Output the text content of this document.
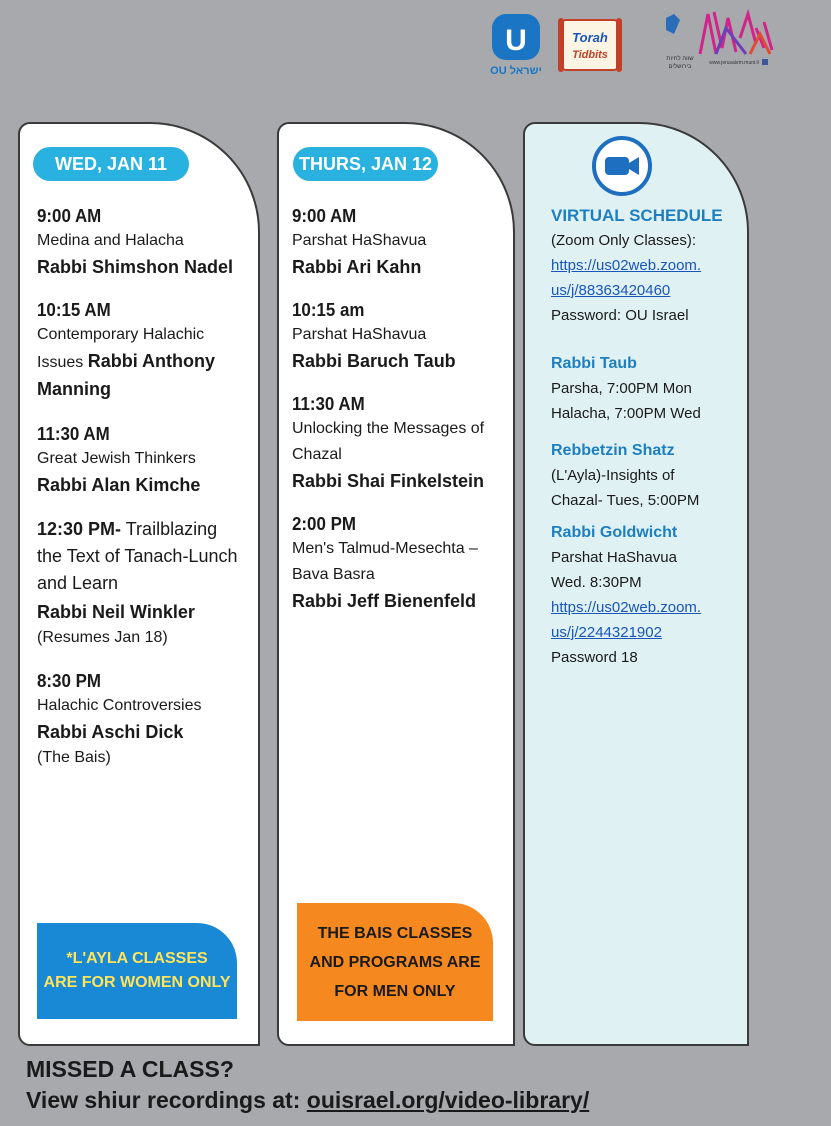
U
OU ישראל
Torah
Tidbits	שווה לחיות
בירושלים
www.jerusalem.muni.il
WED, JAN 11
9:00 AM
Medina and Halacha
Rabbi Shimshon Nadel
10:15 AM
Contemporary Halachic Issues Rabbi Anthony Manning
11:30 AM
Great Jewish Thinkers
Rabbi Alan Kimche
12:30 PM- Trailblazing the Text of Tanach-Lunch and Learn
Rabbi Neil Winkler
(Resumes Jan 18)
8:30 PM
Halachic Controversies
Rabbi Aschi Dick
(The Bais)
*L'AYLA CLASSES
ARE FOR WOMEN ONLY
THURS, JAN 12
9:00 AM
Parshat HaShavua
Rabbi Ari Kahn
10:15 am
Parshat HaShavua
Rabbi Baruch Taub
11:30 AM
Unlocking the Messages of Chazal
Rabbi Shai Finkelstein
2:00 PM
Men's Talmud-Mesechta – Bava Basra
Rabbi Jeff Bienenfeld
THE BAIS CLASSES
AND PROGRAMS ARE
FOR MEN ONLY
VIRTUAL SCHEDULE
(Zoom Only Classes):
https://us02web.zoom.
us/j/88363420460
Password: OU Israel
Rabbi Taub
Parsha, 7:00PM Mon
Halacha, 7:00PM Wed
Rebbetzin Shatz
(L'Ayla)-Insights of
Chazal- Tues, 5:00PM
Rabbi Goldwicht
Parshat HaShavua
Wed. 8:30PM
https://us02web.zoom.
us/j/2244321902
Password 18
MISSED A CLASS?
View shiur recordings at: ouisrael.org/video-library/
